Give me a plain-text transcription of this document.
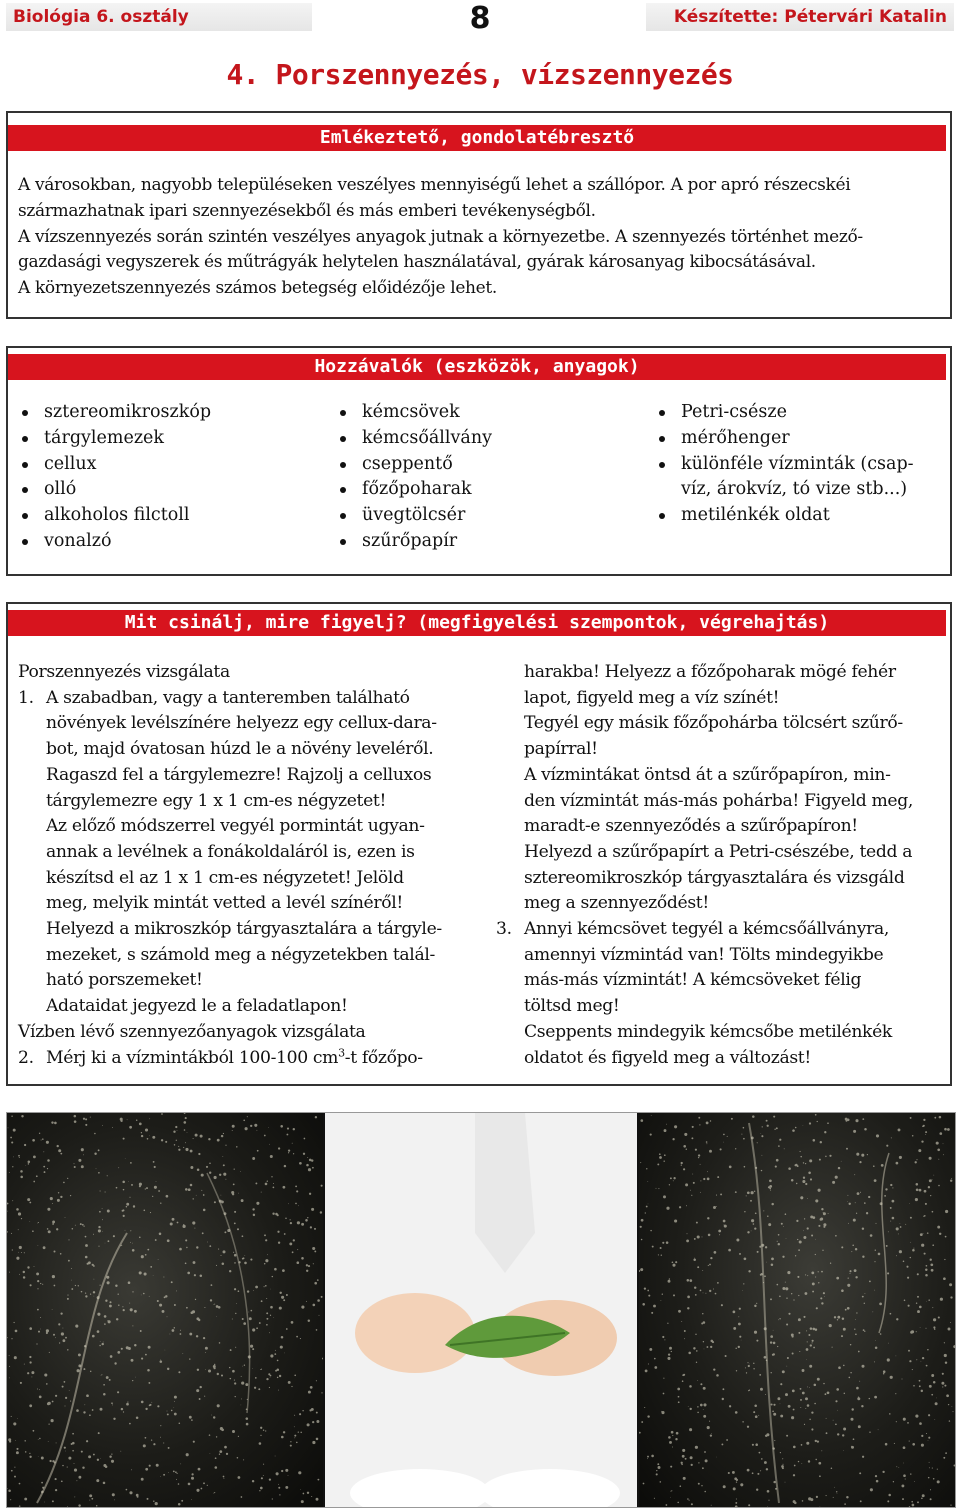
Biológia 6. osztály	8	Készítette: Pétervári Katalin
4. Porszennyezés, vízszennyezés
Emlékeztető, gondolatébresztő

A városokban, nagyobb településeken veszélyes mennyiségű lehet a szállópor. A por apró részecskéi

származhatnak ipari szennyezésekből és más emberi tevékenységből.

A vízszennyezés során szintén veszélyes anyagok jutnak a környezetbe. A szennyezés történhet mező-

gazdasági vegyszerek és műtrágyák helytelen használatával, gyárak károsanyag kibocsátásával.

A környezetszennyezés számos betegség előidézője lehet.

Hozzávalók (eszközök, anyagok)
sztereomikroszkóp
tárgylemezek
cellux
olló
alkoholos filctoll
vonalzó
kémcsövek
kémcsőállvány
cseppentő
főzőpoharak
üvegtölcsér
szűrőpapír
Petri-csésze
mérőhenger
különféle vízminták (csap-víz, árokvíz, tó vize stb...)
metilénkék oldat
Mit csinálj, mire figyelj? (megfigyelési szempontok, végrehajtás)

Porszennyezés vizsgálata

1. A szabadban, vagy a tanteremben található

növények levélszínére helyezz egy cellux-dara-

bot, majd óvatosan húzd le a növény leveléről.

Ragaszd fel a tárgylemezre! Rajzolj a celluxos

tárgylemezre egy 1 x 1 cm-es négyzetet!

Az előző módszerrel vegyél pormintát ugyan-

annak a levélnek a fonákoldaláról is, ezen is

készítsd el az 1 x 1 cm-es négyzetet! Jelöld

meg, melyik mintát vetted a levél színéről!

Helyezd a mikroszkóp tárgyasztalára a tárgyle-

mezeket, s számold meg a négyzetekben talál-

ható porszemeket!

Adataidat jegyezd le a feladatlapon!

Vízben lévő szennyezőanyagok vizsgálata

2. Mérj ki a vízmintákból 100-100 $cm^3-t$ főzőpo-

harakba! Helyezz a főzőpoharak mögé fehér

lapot, figyeld meg a víz színét!

Tegyél egy másik főzőpohárba tölcsért szűrő-

papírral!

A vízmintákat öntsd át a szűrőpapíron, min-

den vízmintát más-más pohárba! Figyeld meg,

maradt-e szennyeződés a szűrőpapíron!

Helyezd a szűrőpapírt a Petri-csészébe, tedd a

sztereomikroszkóp tárgyasztalára és vizsgáld

meg a szennyeződést!

3. Annyi kémcsövet tegyél a kémcsőállványra,

amennyi vízmintád van! Tölts mindegyikbe

más-más vízmintát! A kémcsöveket félig

töltsd meg!

Cseppents mindegyik kémcsőbe metilénkék

oldatot és figyeld meg a változást!
